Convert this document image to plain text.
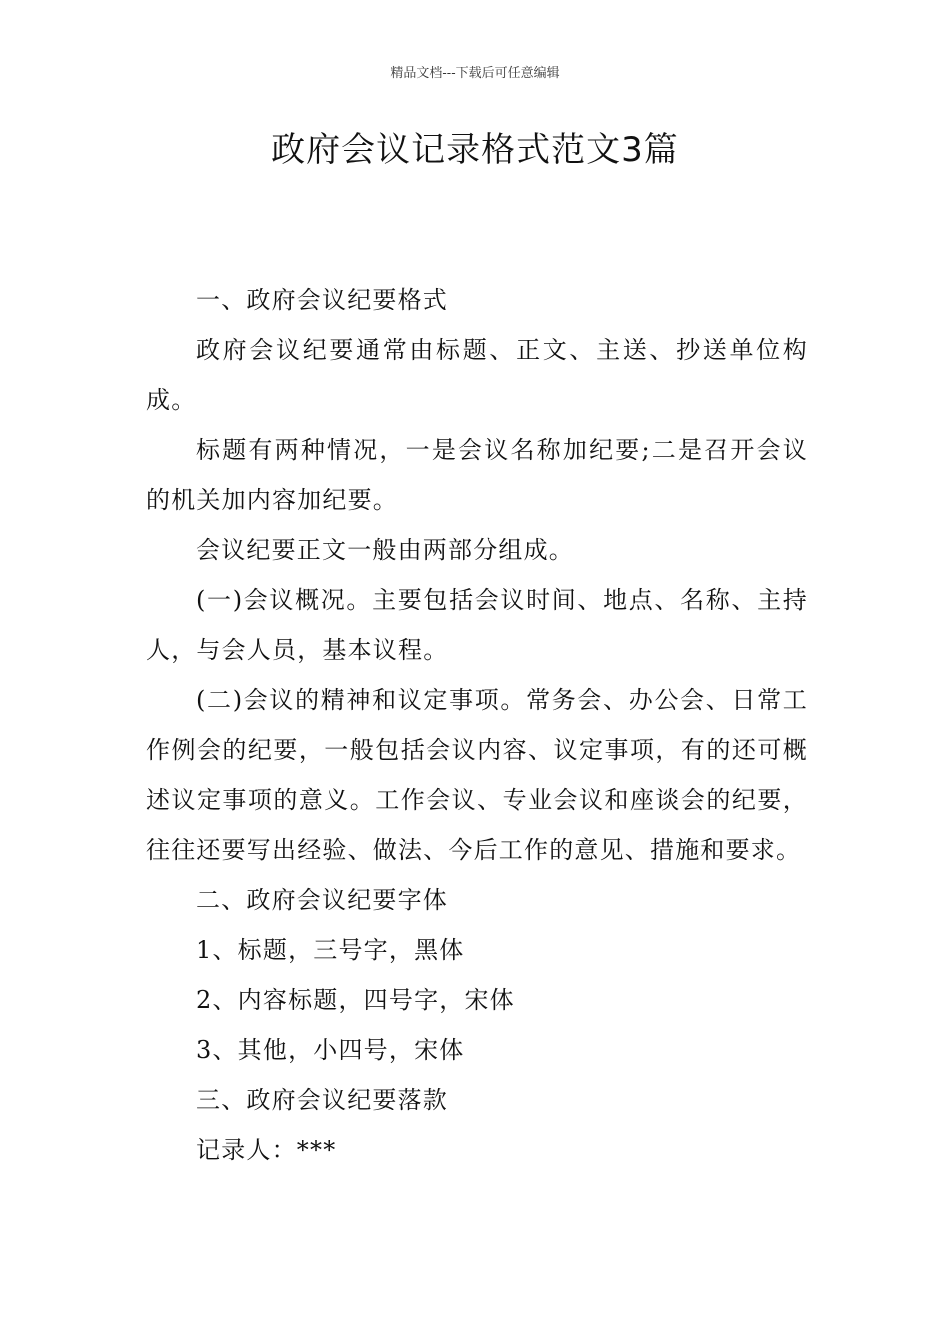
精品文档---下载后可任意编辑
政府会议记录格式范文3篇

一、政府会议纪要格式

政府会议纪要通常由标题、正文、主送、抄送单位构成。

标题有两种情况，一是会议名称加纪要;二是召开会议的机关加内容加纪要。

会议纪要正文一般由两部分组成。

(一)会议概况。主要包括会议时间、地点、名称、主持人，与会人员，基本议程。

(二)会议的精神和议定事项。常务会、办公会、日常工作例会的纪要，一般包括会议内容、议定事项，有的还可概述议定事项的意义。工作会议、专业会议和座谈会的纪要，往往还要写出经验、做法、今后工作的意见、措施和要求。

二、政府会议纪要字体

1、标题，三号字，黑体

2、内容标题，四号字，宋体

3、其他，小四号，宋体

三、政府会议纪要落款

记录人：***
